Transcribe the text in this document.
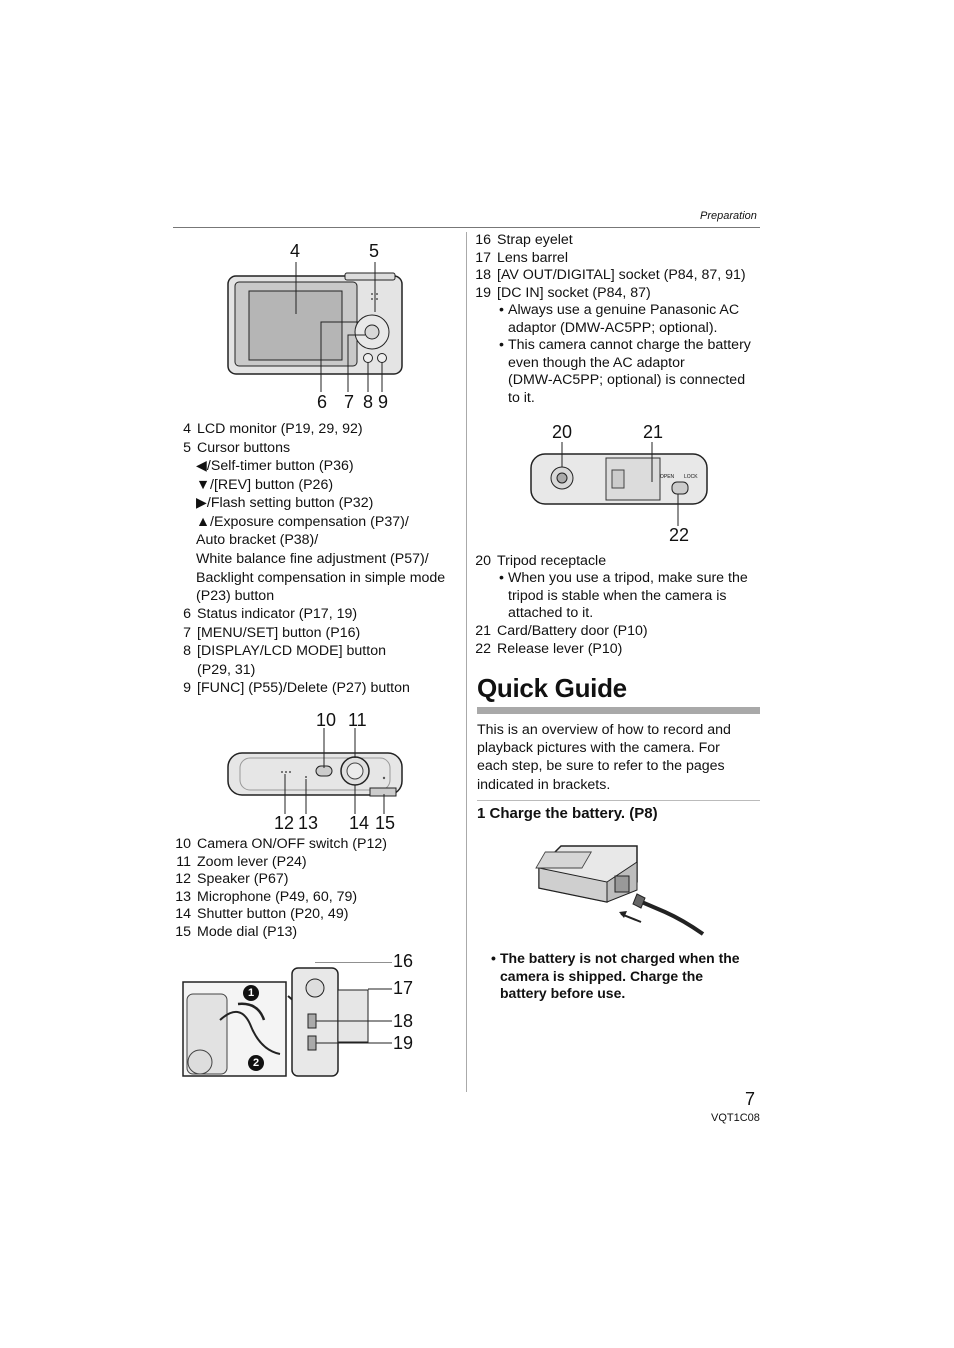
Preparation
4	5
6 7 8 9
4 LCD monitor (P19, 29, 92)
5 Cursor buttons
◀/Self-timer button (P36)
▼/[REV] button (P26)
▶/Flash setting button (P32)
▲/Exposure compensation (P37)/
Auto bracket (P38)/
White balance fine adjustment (P57)/
Backlight compensation in simple mode
(P23) button
6 Status indicator (P17, 19)
7 [MENU/SET] button (P16)
8 [DISPLAY/LCD MODE] button
(P29, 31)
9 [FUNC] (P55)/Delete (P27) button
10 11
12 13 14 15
10 Camera ON/OFF switch (P12)
11 Zoom lever (P24)
12 Speaker (P67)
13 Microphone (P49, 60, 79)
14 Shutter button (P20, 49)
15 Mode dial (P13)
16
17
18
19
1
2
16 Strap eyelet
17 Lens barrel
18 [AV OUT/DIGITAL] socket (P84, 87, 91)
19 [DC IN] socket (P84, 87)
• Always use a genuine Panasonic AC
adaptor (DMW-AC5PP; optional).
• This camera cannot charge the battery
even though the AC adaptor
(DMW-AC5PP; optional) is connected
to it.
20	21
22
OPEN LOCK
20 Tripod receptacle
• When you use a tripod, make sure the
tripod is stable when the camera is
attached to it.
21 Card/Battery door (P10)
22 Release lever (P10)
Quick Guide
This is an overview of how to record and
playback pictures with the camera. For
each step, be sure to refer to the pages
indicated in brackets.
1 Charge the battery. (P8)
• The battery is not charged when the
camera is shipped. Charge the
battery before use.
7
VQT1C08
